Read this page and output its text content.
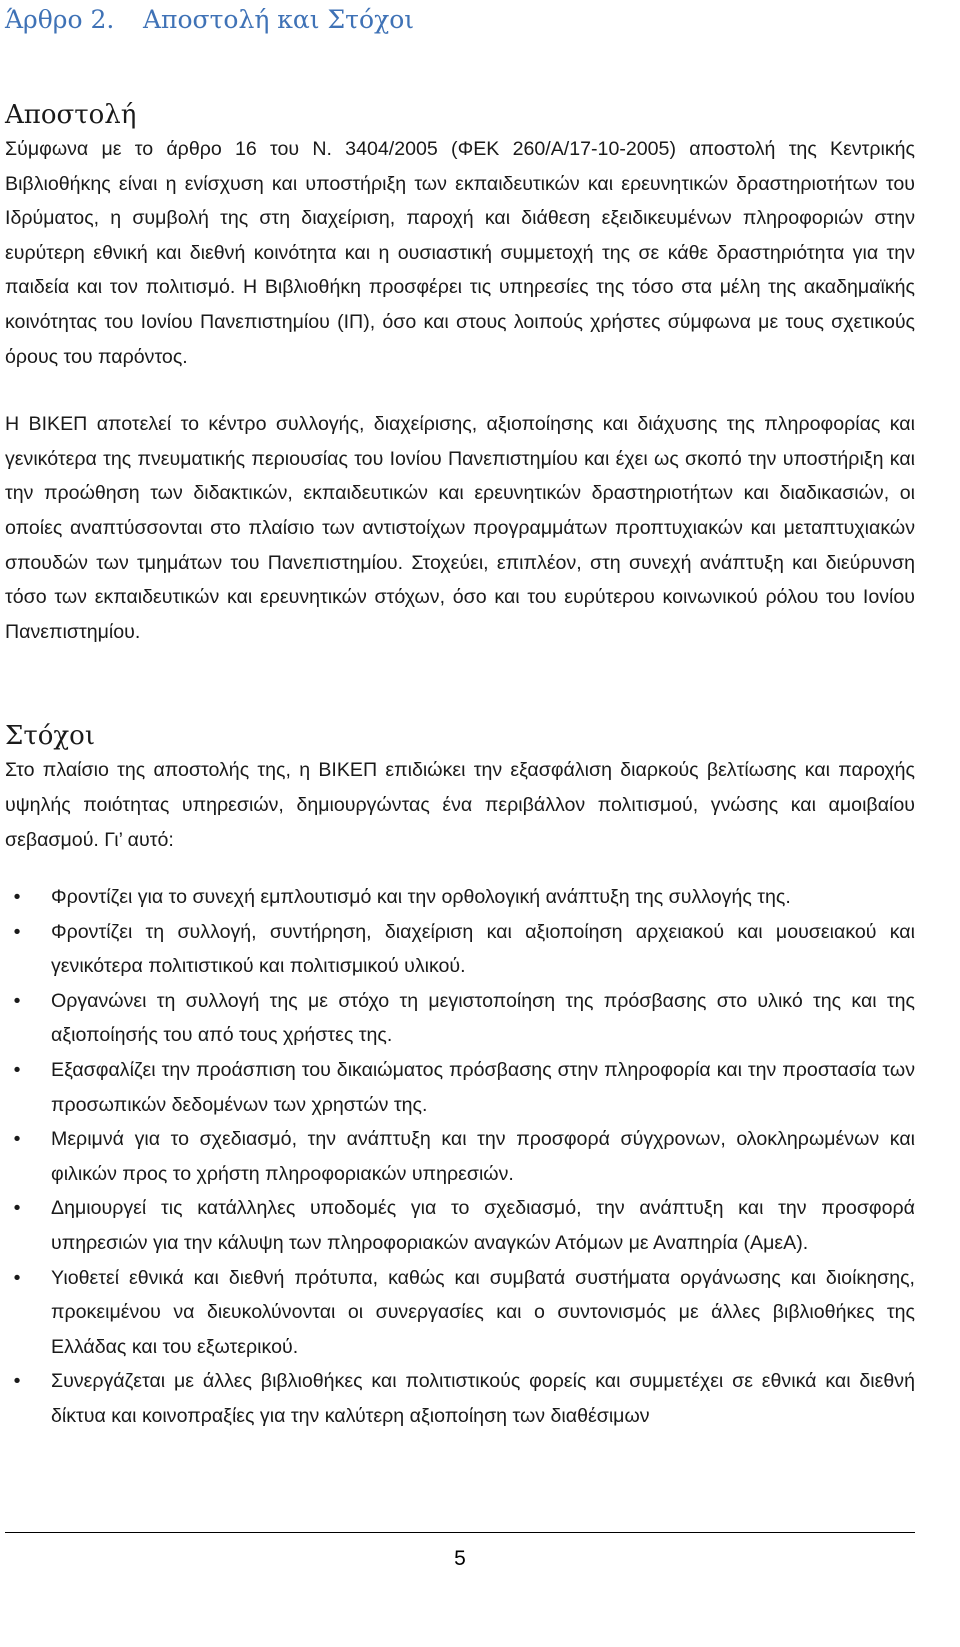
Άρθρο 2. Αποστολή και Στόχοι
Αποστολή

Σύμφωνα με το άρθρο 16 του Ν. 3404/2005 (ΦΕΚ 260/Α/17-10-2005) αποστολή της Κεντρικής Βιβλιοθήκης είναι η ενίσχυση και υποστήριξη των εκπαιδευτικών και ερευνητικών δραστηριοτήτων του Ιδρύματος, η συμβολή της στη διαχείριση, παροχή και διάθεση εξειδικευμένων πληροφοριών στην ευρύτερη εθνική και διεθνή κοινότητα και η ουσιαστική συμμετοχή της σε κάθε δραστηριότητα για την παιδεία και τον πολιτισμό. Η Βιβλιοθήκη προσφέρει τις υπηρεσίες της τόσο στα μέλη της ακαδημαϊκής κοινότητας του Ιονίου Πανεπιστημίου (ΙΠ), όσο και στους λοιπούς χρήστες σύμφωνα με τους σχετικούς όρους του παρόντος.

Η ΒΙΚΕΠ αποτελεί το κέντρο συλλογής, διαχείρισης, αξιοποίησης και διάχυσης της πληροφορίας και γενικότερα της πνευματικής περιουσίας του Ιονίου Πανεπιστημίου και έχει ως σκοπό την υποστήριξη και την προώθηση των διδακτικών, εκπαιδευτικών και ερευνητικών δραστηριοτήτων και διαδικασιών, οι οποίες αναπτύσσονται στο πλαίσιο των αντιστοίχων προγραμμάτων προπτυχιακών και μεταπτυχιακών σπουδών των τμημάτων του Πανεπιστημίου. Στοχεύει, επιπλέον, στη συνεχή ανάπτυξη και διεύρυνση τόσο των εκπαιδευτικών και ερευνητικών στόχων, όσο και του ευρύτερου κοινωνικού ρόλου του Ιονίου Πανεπιστημίου.

Στόχοι

Στο πλαίσιο της αποστολής της, η ΒΙΚΕΠ επιδιώκει την εξασφάλιση διαρκούς βελτίωσης και παροχής υψηλής ποιότητας υπηρεσιών, δημιουργώντας ένα περιβάλλον πολιτισμού, γνώσης και αμοιβαίου σεβασμού. Γι’ αυτό:

•	Φροντίζει για το συνεχή εμπλουτισμό και την ορθολογική ανάπτυξη της συλλογής της.
•	Φροντίζει τη συλλογή, συντήρηση, διαχείριση και αξιοποίηση αρχειακού και μουσειακού και γενικότερα πολιτιστικού και πολιτισμικού υλικού.
•	Οργανώνει τη συλλογή της με στόχο τη μεγιστοποίηση της πρόσβασης στο υλικό της και της αξιοποίησής του από τους χρήστες της.
•	Εξασφαλίζει την προάσπιση του δικαιώματος πρόσβασης στην πληροφορία και την προστασία των προσωπικών δεδομένων των χρηστών της.
•	Μεριμνά για το σχεδιασμό, την ανάπτυξη και την προσφορά σύγχρονων, ολοκληρωμένων και φιλικών προς το χρήστη πληροφοριακών υπηρεσιών.
•	Δημιουργεί τις κατάλληλες υποδομές για το σχεδιασμό, την ανάπτυξη και την προσφορά υπηρεσιών για την κάλυψη των πληροφοριακών αναγκών Ατόμων με Αναπηρία (ΑμεΑ).
•	Υιοθετεί εθνικά και διεθνή πρότυπα, καθώς και συμβατά συστήματα οργάνωσης και διοίκησης, προκειμένου να διευκολύνονται οι συνεργασίες και ο συντονισμός με άλλες βιβλιοθήκες της Ελλάδας και του εξωτερικού.
•	Συνεργάζεται με άλλες βιβλιοθήκες και πολιτιστικούς φορείς και συμμετέχει σε εθνικά και διεθνή δίκτυα και κοινοπραξίες για την καλύτερη αξιοποίηση των διαθέσιμων
5
